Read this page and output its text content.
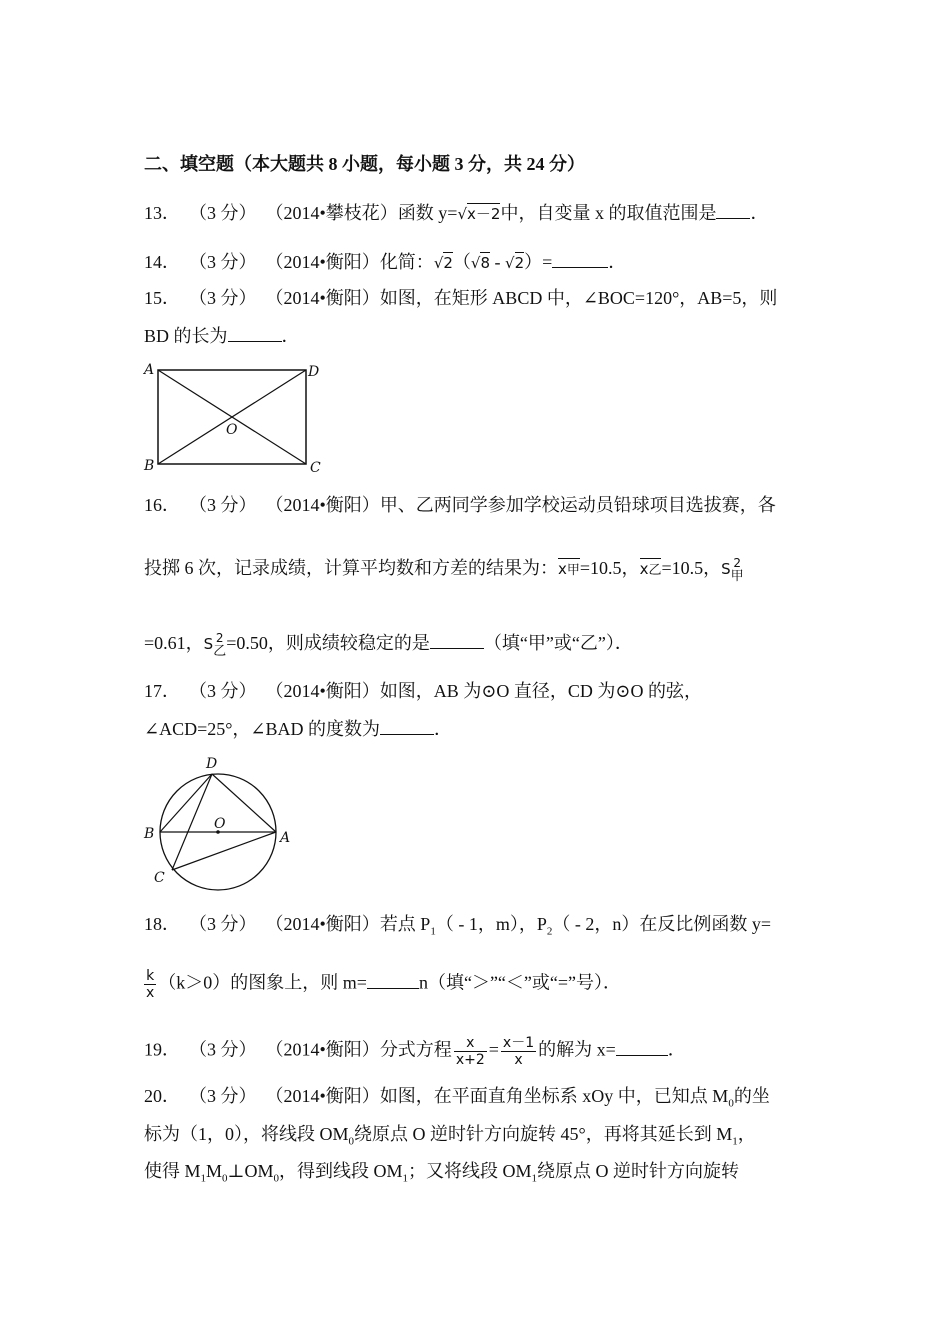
二、填空题（本大题共 8 小题，每小题 3 分，共 24 分）
13． （3 分） （2014•攀枝花）函数 y=√x－2中，自变量 x 的取值范围是 ．
14． （3 分） （2014•衡阳）化简：√2（√8 - √2）=	．
15． （3 分） （2014•衡阳）如图，在矩形 ABCD 中，∠BOC=120°，AB=5，则
BD 的长为	．
A	D
B	C
O
16． （3 分） （2014•衡阳）甲、乙两同学参加学校运动员铅球项目选拔赛，各
投掷 6 次，记录成绩，计算平均数和方差的结果为：x甲=10.5，x乙=10.5，S 2
甲
=0.61，S 2
乙 =0.50，则成绩较稳定的是	（填“甲”或“乙”）．
17． （3 分） （2014•衡阳）如图，AB 为⊙O 直径，CD 为⊙O 的弦，
∠ACD=25°，∠BAD 的度数为	．
D
O
B	A
C
18． （3 分） （2014•衡阳）若点 $P_1( - 1$，m），$P_2( - 2$，n）在反比例函数 y=
$\frac{k}{x} (k>0)$的图象上，则 m=	n（填“＞”“＜”或“=”号）．
19． （3 分） （2014•衡阳）分式方程 $\frac{x}{x+2} = \frac{x-1}{x}$ 的解为 x=	．
20． （3 分） （2014•衡阳）如图，在平面直角坐标系 xOy 中，已知点 $M_0$的坐
标为（1，0），将线段 $OM_0$绕原点 O 逆时针方向旋转 45°，再将其延长到 $M_1$，
使得 $M_1M_0\perp OM_0$，得到线段 $OM_1$；又将线段 $OM_1$绕原点 O 逆时针方向旋转
